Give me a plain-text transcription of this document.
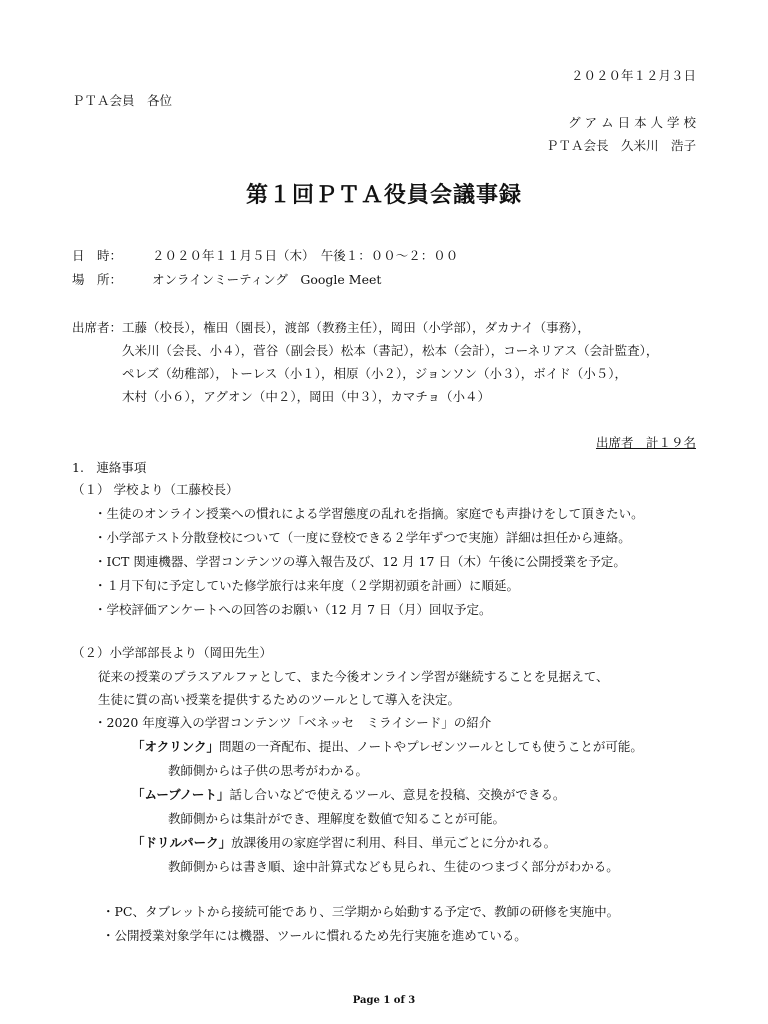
２０２０年１２月３日
ＰＴＡ会員　各位
グ ア ム 日 本 人 学 校
ＰＴＡ会長　久米川　浩子
第１回ＰＴＡ役員会議事録
日　時： ２０２０年１１月５日（木）　午後１：００～２：００
場　所： オンラインミーティング　Google Meet
出席者： 工藤（校長），権田（園長），渡部（教務主任），岡田（小学部），ダカナイ（事務），
久米川（会長、小４），菅谷（副会長）松本（書記），松本（会計），コーネリアス（会計監査），
ペレズ（幼稚部），トーレス（小１），相原（小２），ジョンソン（小３），ボイド（小５），
木村（小６），アグオン（中２），岡田（中３），カマチョ（小４）
出席者　計１９名
1.　連絡事項
（１） 学校より（工藤校長）
・生徒のオンライン授業への慣れによる学習態度の乱れを指摘。家庭でも声掛けをして頂きたい。
・小学部テスト分散登校について（一度に登校できる２学年ずつで実施）詳細は担任から連絡。
・ICT 関連機器、学習コンテンツの導入報告及び、12 月 17 日（木）午後に公開授業を予定。
・１月下旬に予定していた修学旅行は来年度（２学期初頭を計画）に順延。
・学校評価アンケートへの回答のお願い（12 月 7 日（月）回収予定。
（２）小学部部長より（岡田先生）
従来の授業のプラスアルファとして、また今後オンライン学習が継続することを見据えて、
生徒に質の高い授業を提供するためのツールとして導入を決定。
・2020 年度導入の学習コンテンツ「ベネッセ　ミライシード」の紹介
「オクリンク」問題の一斉配布、提出、ノートやプレゼンツールとしても使うことが可能。
教師側からは子供の思考がわかる。
「ムーブノート」話し合いなどで使えるツール、意見を投稿、交換ができる。
教師側からは集計ができ、理解度を数値で知ることが可能。
「ドリルパーク」放課後用の家庭学習に利用、科目、単元ごとに分かれる。
教師側からは書き順、途中計算式なども見られ、生徒のつまづく部分がわかる。
・PC、タブレットから接続可能であり、三学期から始動する予定で、教師の研修を実施中。
・公開授業対象学年には機器、ツールに慣れるため先行実施を進めている。
Page 1 of 3
